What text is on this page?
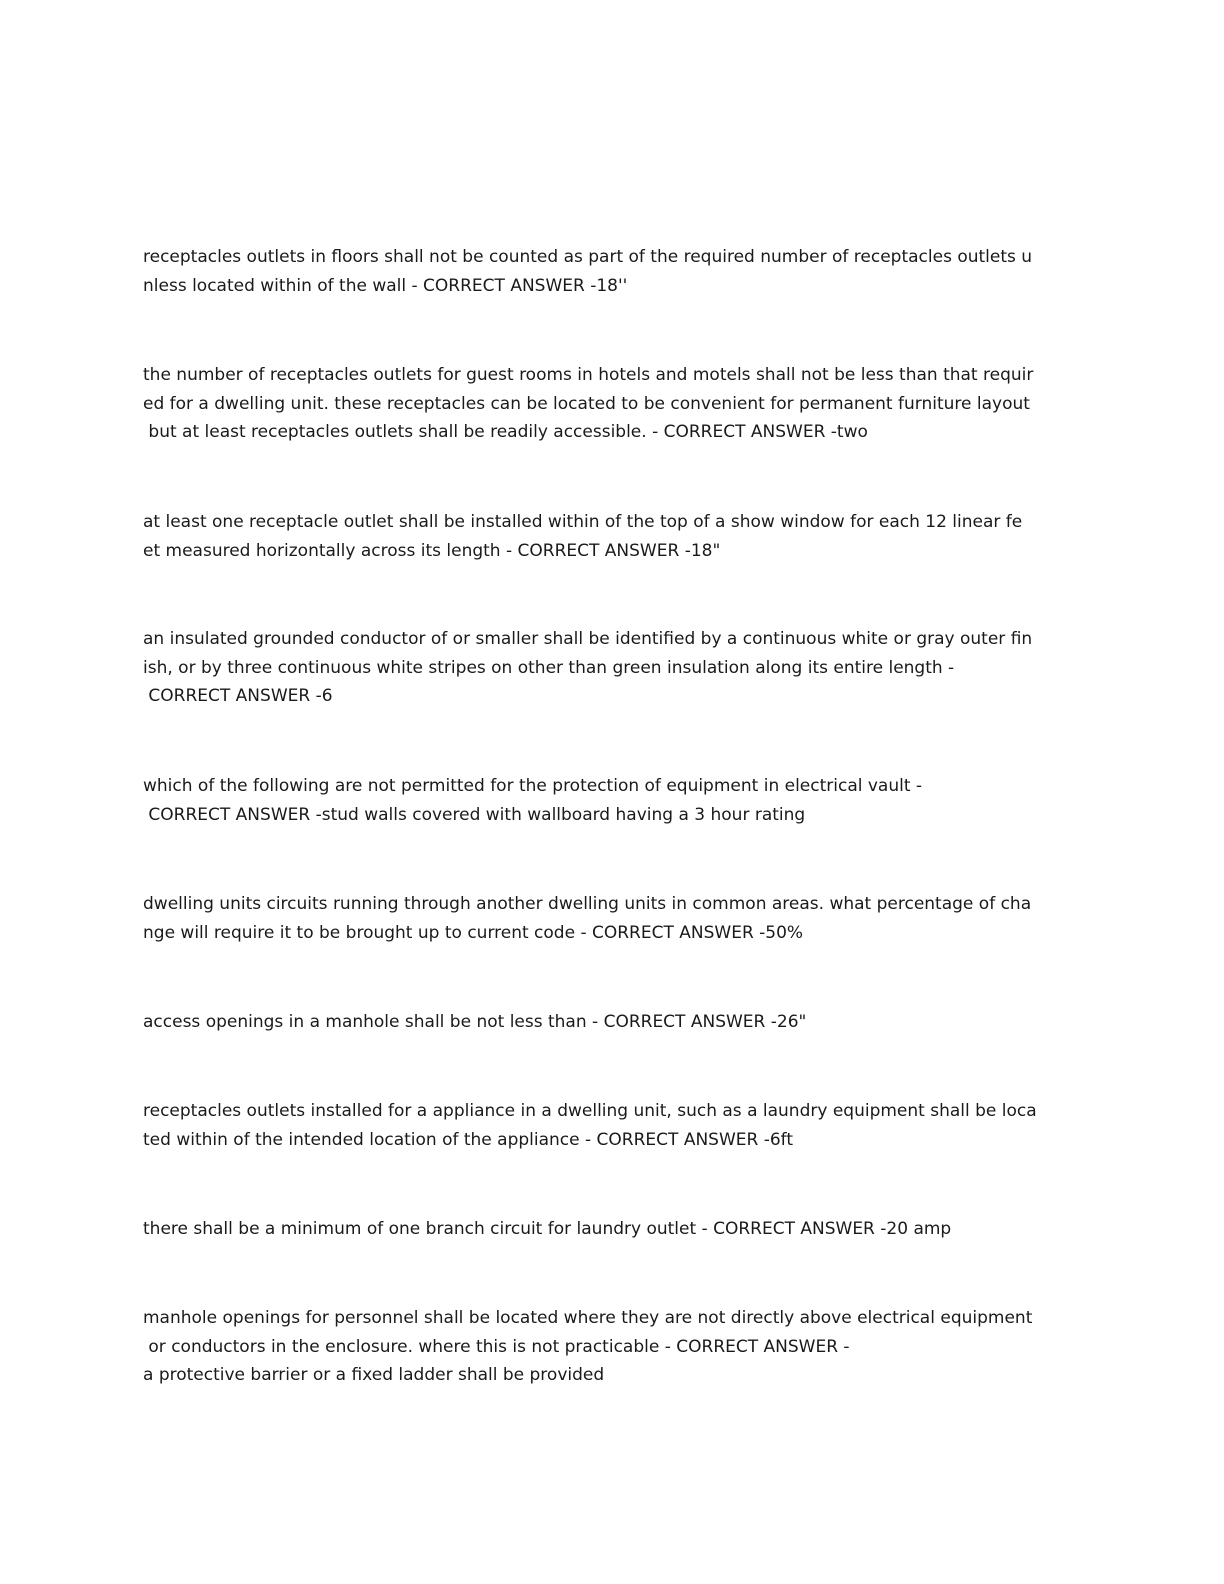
receptacles outlets in floors shall not be counted as part of the required number of receptacles outlets u
nless located within of the wall - CORRECT ANSWER -18''

the number of receptacles outlets for guest rooms in hotels and motels shall not be less than that requir
ed for a dwelling unit. these receptacles can be located to be convenient for permanent furniture layout
but at least receptacles outlets shall be readily accessible. - CORRECT ANSWER -two

at least one receptacle outlet shall be installed within of the top of a show window for each 12 linear fe
et measured horizontally across its length - CORRECT ANSWER -18"

an insulated grounded conductor of or smaller shall be identified by a continuous white or gray outer fin
ish, or by three continuous white stripes on other than green insulation along its entire length -
CORRECT ANSWER -6

which of the following are not permitted for the protection of equipment in electrical vault -
CORRECT ANSWER -stud walls covered with wallboard having a 3 hour rating

dwelling units circuits running through another dwelling units in common areas. what percentage of cha
nge will require it to be brought up to current code - CORRECT ANSWER -50%

access openings in a manhole shall be not less than - CORRECT ANSWER -26"

receptacles outlets installed for a appliance in a dwelling unit, such as a laundry equipment shall be loca
ted within of the intended location of the appliance - CORRECT ANSWER -6ft

there shall be a minimum of one branch circuit for laundry outlet - CORRECT ANSWER -20 amp

manhole openings for personnel shall be located where they are not directly above electrical equipment
or conductors in the enclosure. where this is not practicable - CORRECT ANSWER -
a protective barrier or a fixed ladder shall be provided
